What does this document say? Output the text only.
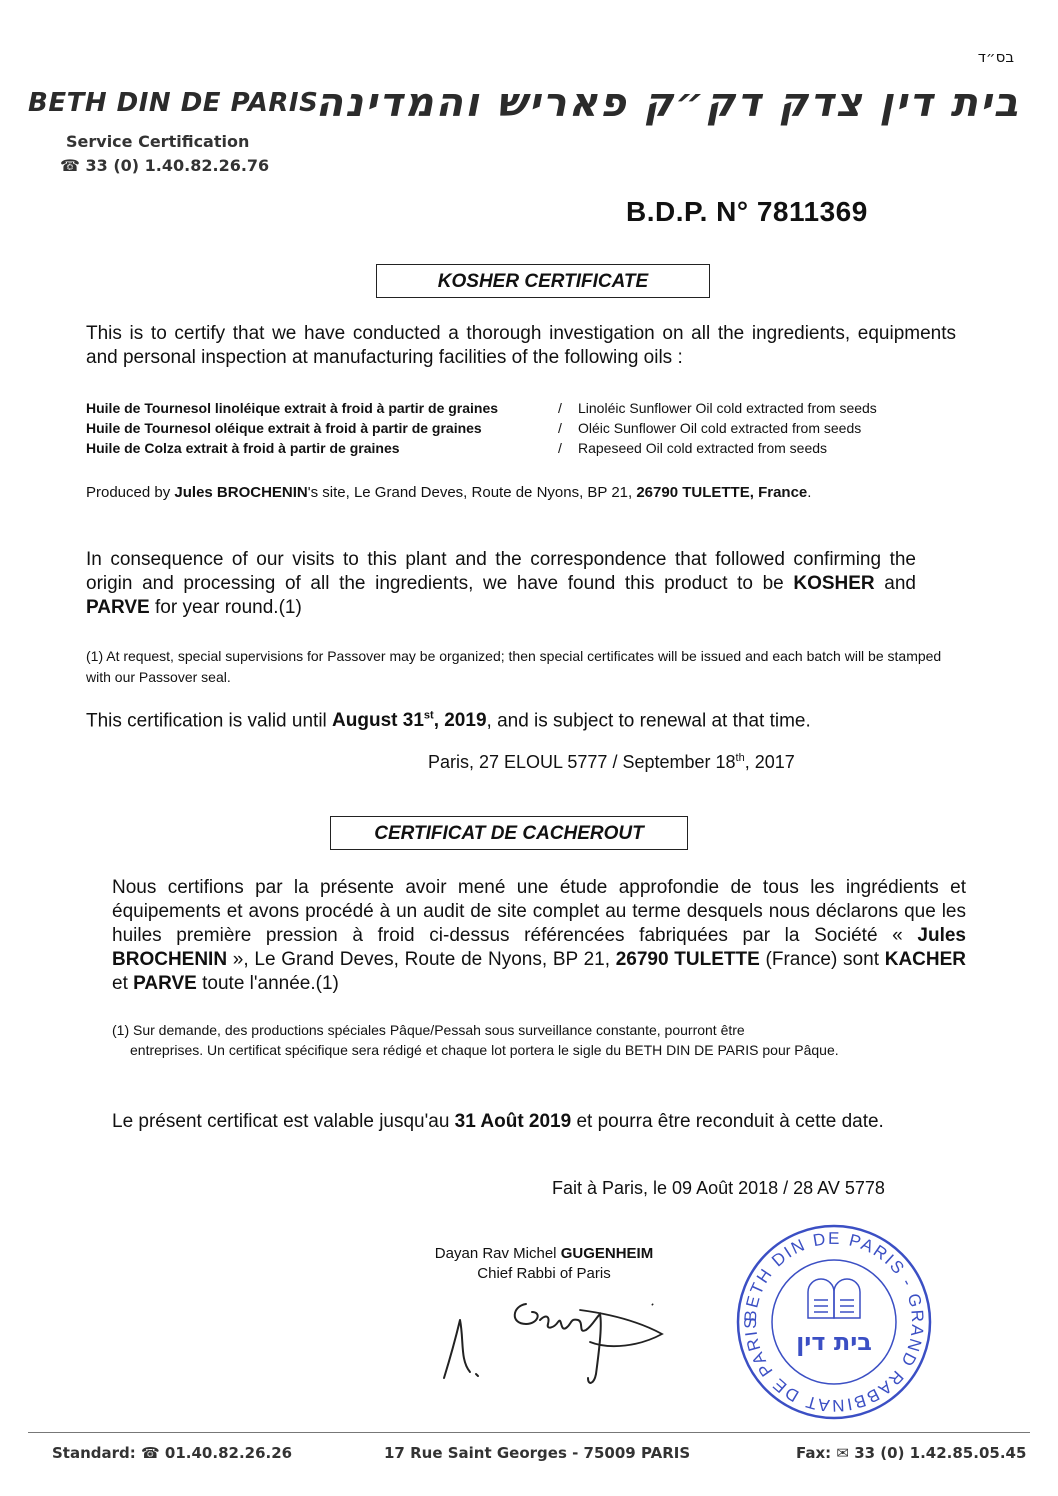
בס״ד
BETH DIN DE PARIS
בית דין צדק דק״ק פאריש והמדינה
Service Certification
☎ 33 (0) 1.40.82.26.76
B.D.P. N° 7811369
KOSHER CERTIFICATE
This is to certify that we have conducted a thorough investigation on all the ingredients, equipments and personal inspection at manufacturing facilities of the following oils :
Huile de Tournesol linoléique extrait à froid à partir de graines	/	Linoléic Sunflower Oil cold extracted from seeds
Huile de Tournesol oléique extrait à froid à partir de graines	/	Oléic Sunflower Oil cold extracted from seeds
Huile de Colza extrait à froid à partir de graines	/	Rapeseed Oil cold extracted from seeds
Produced by Jules BROCHENIN's site, Le Grand Deves, Route de Nyons, BP 21, 26790 TULETTE, France.
In consequence of our visits to this plant and the correspondence that followed confirming the origin and processing of all the ingredients, we have found this product to be KOSHER and PARVE for year round.(1)
(1) At request, special supervisions for Passover may be organized; then special certificates will be issued and each batch will be stamped with our Passover seal.
This certification is valid until August 31st, 2019, and is subject to renewal at that time.
Paris, 27 ELOUL 5777 / September 18th, 2017
CERTIFICAT DE CACHEROUT
Nous certifions par la présente avoir mené une étude approfondie de tous les ingrédients et équipements et avons procédé à un audit de site complet au terme desquels nous déclarons que les huiles première pression à froid ci-dessus référencées fabriquées par la Société « Jules BROCHENIN », Le Grand Deves, Route de Nyons, BP 21, 26790 TULETTE (France) sont KACHER et PARVE toute l'année.(1)
(1) Sur demande, des productions spéciales Pâque/Pessah sous surveillance constante, pourront être
entreprises. Un certificat spécifique sera rédigé et chaque lot portera le sigle du BETH DIN DE PARIS pour Pâque.
Le présent certificat est valable jusqu'au 31 Août 2019 et pourra être reconduit à cette date.
Fait à Paris, le 09 Août 2018 / 28 AV 5778
Dayan Rav Michel GUGENHEIM
Chief Rabbi of Paris
BETH DIN DE PARIS - GRAND RABBINAT DE PARIS
בית דין
Standard: ☎ 01.40.82.26.26	17 Rue Saint Georges - 75009 PARIS	Fax: ✉ 33 (0) 1.42.85.05.45
